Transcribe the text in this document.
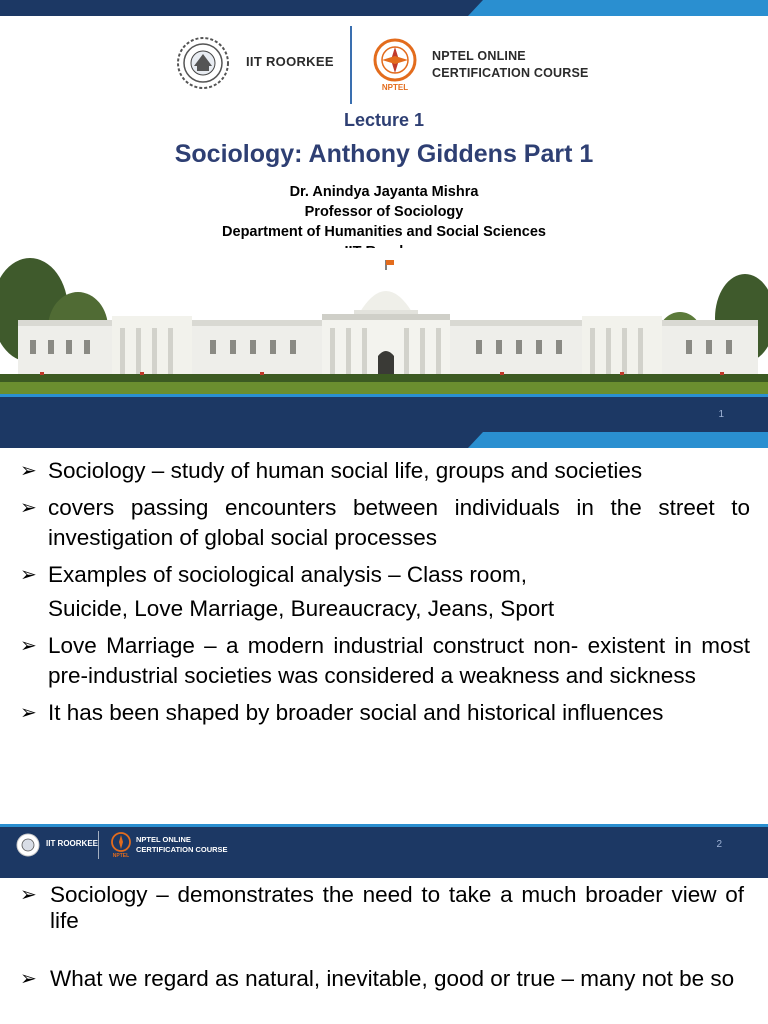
IIT ROORKEE
NPTEL
NPTEL ONLINE
CERTIFICATION COURSE
Lecture 1
Sociology: Anthony Giddens Part 1
Dr. Anindya Jayanta Mishra
Professor of Sociology
Department of Humanities and Social Sciences
1
➢ Sociology – study of human social life, groups and societies
➢ covers passing encounters between individuals in the street to investigation of global social processes
➢ Examples of sociological analysis – Class room,
Suicide, Love Marriage, Bureaucracy, Jeans, Sport
➢ Love Marriage – a modern industrial construct non- existent in most pre-industrial societies was considered a weakness and sickness
➢ It has been shaped by broader social and historical influences
IIT ROORKEE
NPTEL
NPTEL ONLINE
CERTIFICATION COURSE	2
➢ Sociology – demonstrates the need to take a much broader view of life
➢ What we regard as natural, inevitable, good or true – many not be so
